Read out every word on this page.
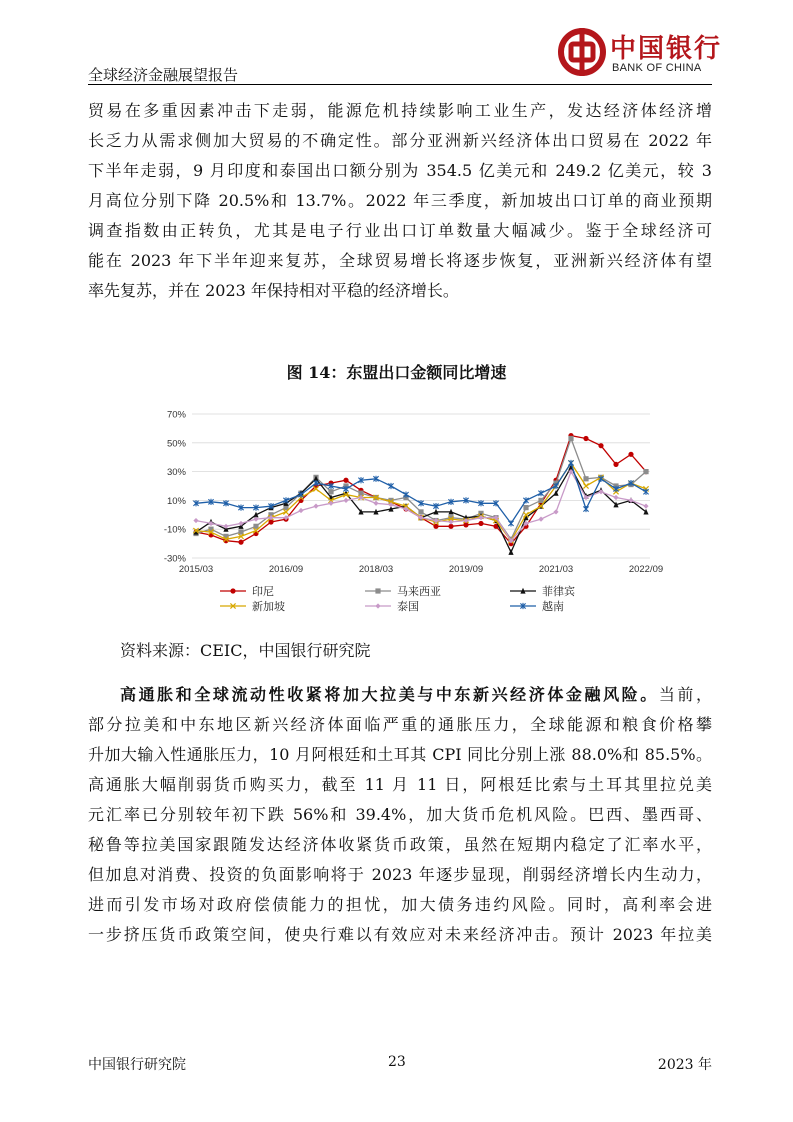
全球经济金融展望报告
中国银行
BANK OF CHINA
贸易在多重因素冲击下走弱，能源危机持续影响工业生产，发达经济体经济增
长乏力从需求侧加大贸易的不确定性。部分亚洲新兴经济体出口贸易在 2022 年
下半年走弱，9 月印度和泰国出口额分别为 354.5 亿美元和 249.2 亿美元，较 3
月高位分别下降 20.5%和 13.7%。2022 年三季度，新加坡出口订单的商业预期
调查指数由正转负，尤其是电子行业出口订单数量大幅减少。鉴于全球经济可
能在 2023 年下半年迎来复苏，全球贸易增长将逐步恢复，亚洲新兴经济体有望
率先复苏，并在 2023 年保持相对平稳的经济增长。
图 14：东盟出口金额同比增速
70%
50%
30%
10%
-10%
-30%
2015/03	2016/09	2018/03	2019/09	2021/03	2022/09
印尼	马来西亚	菲律宾
新加坡	泰国	越南
资料来源：CEIC，中国银行研究院
高通胀和全球流动性收紧将加大拉美与中东新兴经济体金融风险。当前，
部分拉美和中东地区新兴经济体面临严重的通胀压力，全球能源和粮食价格攀
升加大输入性通胀压力，10 月阿根廷和土耳其 CPI 同比分别上涨 88.0%和 85.5%。
高通胀大幅削弱货币购买力，截至 11 月 11 日，阿根廷比索与土耳其里拉兑美
元汇率已分别较年初下跌 56%和 39.4%，加大货币危机风险。巴西、墨西哥、
秘鲁等拉美国家跟随发达经济体收紧货币政策，虽然在短期内稳定了汇率水平，
但加息对消费、投资的负面影响将于 2023 年逐步显现，削弱经济增长内生动力，
进而引发市场对政府偿债能力的担忧，加大债务违约风险。同时，高利率会进
一步挤压货币政策空间，使央行难以有效应对未来经济冲击。预计 2023 年拉美
中国银行研究院	23	2023 年
